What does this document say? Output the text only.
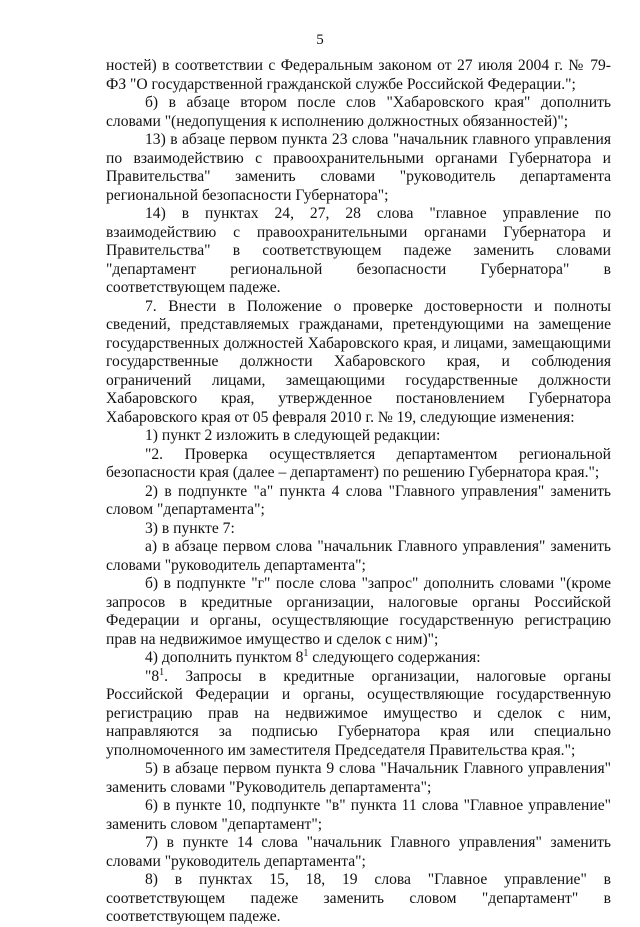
5

ностей) в соответствии с Федеральным законом от 27 июля 2004 г. № 79-ФЗ "О государственной гражданской службе Российской Федерации.";

б) в абзаце втором после слов "Хабаровского края" дополнить словами "(недопущения к исполнению должностных обязанностей)";

13) в абзаце первом пункта 23 слова "начальник главного управления по взаимодействию с правоохранительными органами Губернатора и Правительства" заменить словами "руководитель департамента региональной безопасности Губернатора";

14) в пунктах 24, 27, 28 слова "главное управление по взаимодействию с правоохранительными органами Губернатора и Правительства" в соответствующем падеже заменить словами "департамент региональной безопасности Губернатора" в соответствующем падеже.

7. Внести в Положение о проверке достоверности и полноты сведений, представляемых гражданами, претендующими на замещение государственных должностей Хабаровского края, и лицами, замещающими государственные должности Хабаровского края, и соблюдения ограничений лицами, замещающими государственные должности Хабаровского края, утвержденное постановлением Губернатора Хабаровского края от 05 февраля 2010 г. № 19, следующие изменения:

1) пункт 2 изложить в следующей редакции:

"2. Проверка осуществляется департаментом региональной безопасности края (далее – департамент) по решению Губернатора края.";

2) в подпункте "а" пункта 4 слова "Главного управления" заменить словом "департамента";

3) в пункте 7:

а) в абзаце первом слова "начальник Главного управления" заменить словами "руководитель департамента";

б) в подпункте "г" после слова "запрос" дополнить словами "(кроме запросов в кредитные организации, налоговые органы Российской Федерации и органы, осуществляющие государственную регистрацию прав на недвижимое имущество и сделок с ним)";

4) дополнить пунктом $8^1$ следующего содержания:

"$8^1$. Запросы в кредитные организации, налоговые органы Российской Федерации и органы, осуществляющие государственную регистрацию прав на недвижимое имущество и сделок с ним, направляются за подписью Губернатора края или специально уполномоченного им заместителя Председателя Правительства края.";

5) в абзаце первом пункта 9 слова "Начальник Главного управления" заменить словами "Руководитель департамента";

6) в пункте 10, подпункте "в" пункта 11 слова "Главное управление" заменить словом "департамент";

7) в пункте 14 слова "начальник Главного управления" заменить словами "руководитель департамента";

8) в пунктах 15, 18, 19 слова "Главное управление" в соответствующем падеже заменить словом "департамент" в соответствующем падеже.
